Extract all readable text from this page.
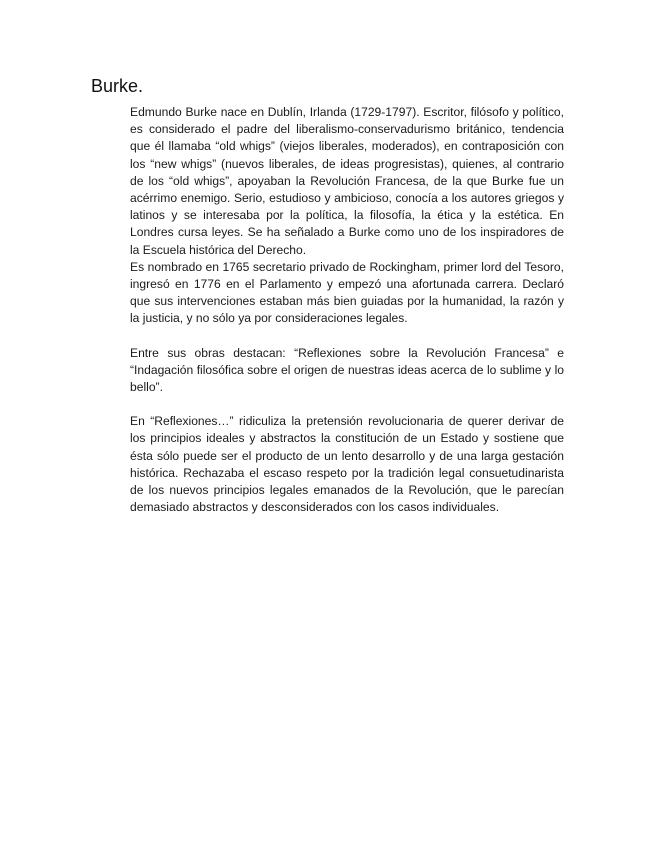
Burke.

Edmundo Burke nace en Dublín, Irlanda (1729-1797). Escritor, filósofo y político, es considerado el padre del liberalismo-conservadurismo británico, tendencia que él llamaba “old whigs” (viejos liberales, moderados), en contraposición con los “new whigs” (nuevos liberales, de ideas progresistas), quienes, al contrario de los “old whigs”, apoyaban la Revolución Francesa, de la que Burke fue un acérrimo enemigo. Serio, estudioso y ambicioso, conocía a los autores griegos y latinos y se interesaba por la política, la filosofía, la ética y la estética. En Londres cursa leyes. Se ha señalado a Burke como uno de los inspiradores de la Escuela histórica del Derecho.

Es nombrado en 1765 secretario privado de Rockingham, primer lord del Tesoro, ingresó en 1776 en el Parlamento y empezó una afortunada carrera. Declaró que sus intervenciones estaban más bien guiadas por la humanidad, la razón y la justicia, y no sólo ya por consideraciones legales.

Entre sus obras destacan: “Reflexiones sobre la Revolución Francesa” e “Indagación filosófica sobre el origen de nuestras ideas acerca de lo sublime y lo bello”.

En “Reflexiones…” ridiculiza la pretensión revolucionaria de querer derivar de los principios ideales y abstractos la constitución de un Estado y sostiene que ésta sólo puede ser el producto de un lento desarrollo y de una larga gestación histórica. Rechazaba el escaso respeto por la tradición legal consuetudinarista de los nuevos principios legales emanados de la Revolución, que le parecían demasiado abstractos y desconsiderados con los casos individuales.
